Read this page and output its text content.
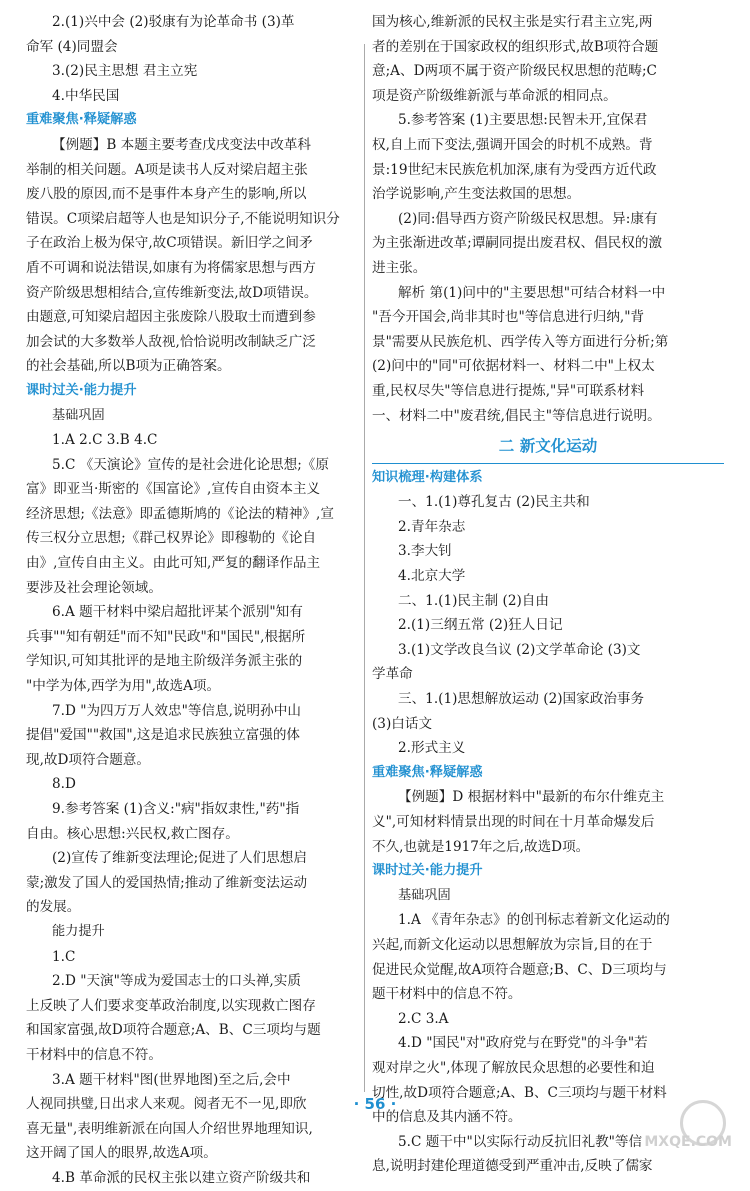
2.(1)兴中会 (2)驳康有为论革命书 (3)革

命军 (4)同盟会

3.(2)民主思想 君主立宪

4.中华民国

重难聚焦·释疑解惑

【例题】B 本题主要考查戊戌变法中改革科

举制的相关问题。A项是读书人反对梁启超主张

废八股的原因,而不是事件本身产生的影响,所以

错误。C项梁启超等人也是知识分子,不能说明知识分

子在政治上极为保守,故C项错误。新旧学之间矛

盾不可调和说法错误,如康有为将儒家思想与西方

资产阶级思想相结合,宣传维新变法,故D项错误。

由题意,可知梁启超因主张废除八股取士而遭到参

加会试的大多数举人敌视,恰恰说明改制缺乏广泛

的社会基础,所以B项为正确答案。

课时过关·能力提升

基础巩固

1.A 2.C 3.B 4.C

5.C 《天演论》宣传的是社会进化论思想;《原

富》即亚当·斯密的《国富论》,宣传自由资本主义

经济思想;《法意》即孟德斯鸠的《论法的精神》,宣

传三权分立思想;《群己权界论》即穆勒的《论自

由》,宣传自由主义。由此可知,严复的翻译作品主

要涉及社会理论领域。

6.A 题干材料中梁启超批评某个派别"知有

兵事""知有朝廷"而不知"民政"和"国民",根据所

学知识,可知其批评的是地主阶级洋务派主张的

"中学为体,西学为用",故选A项。

7.D "为四万万人效忠"等信息,说明孙中山

提倡"爱国""救国",这是追求民族独立富强的体

现,故D项符合题意。

8.D

9.参考答案 (1)含义:"病"指奴隶性,"药"指

自由。核心思想:兴民权,救亡图存。

(2)宣传了维新变法理论;促进了人们思想启

蒙;激发了国人的爱国热情;推动了维新变法运动

的发展。

能力提升

1.C

2.D "天演"等成为爱国志士的口头禅,实质

上反映了人们要求变革政治制度,以实现救亡图存

和国家富强,故D项符合题意;A、B、C三项均与题

干材料中的信息不符。

3.A 题干材料"图(世界地图)至之后,会中

人视同拱璧,日出求人来观。阅者无不一见,即欣

喜无量",表明维新派在向国人介绍世界地理知识,

这开阔了国人的眼界,故选A项。

4.B 革命派的民权主张以建立资产阶级共和

国为核心,维新派的民权主张是实行君主立宪,两

者的差别在于国家政权的组织形式,故B项符合题

意;A、D两项不属于资产阶级民权思想的范畴;C

项是资产阶级维新派与革命派的相同点。

5.参考答案 (1)主要思想:民智未开,宜保君

权,自上而下变法,强调开国会的时机不成熟。背

景:19世纪末民族危机加深,康有为受西方近代政

治学说影响,产生变法救国的思想。

(2)同:倡导西方资产阶级民权思想。异:康有

为主张渐进改革;谭嗣同提出废君权、倡民权的激

进主张。

解析 第(1)问中的"主要思想"可结合材料一中

"吾今开国会,尚非其时也"等信息进行归纳,"背

景"需要从民族危机、西学传入等方面进行分析;第

(2)问中的"同"可依据材料一、材料二中"上权太

重,民权尽失"等信息进行提炼,"异"可联系材料

一、材料二中"废君统,倡民主"等信息进行说明。

二 新文化运动

知识梳理·构建体系

一、1.(1)尊孔复古 (2)民主共和

2.青年杂志

3.李大钊

4.北京大学

二、1.(1)民主制 (2)自由

2.(1)三纲五常 (2)狂人日记

3.(1)文学改良刍议 (2)文学革命论 (3)文

学革命

三、1.(1)思想解放运动 (2)国家政治事务

(3)白话文

2.形式主义

重难聚焦·释疑解惑

【例题】D 根据材料中"最新的布尔什维克主

义",可知材料情景出现的时间在十月革命爆发后

不久,也就是1917年之后,故选D项。

课时过关·能力提升

基础巩固

1.A 《青年杂志》的创刊标志着新文化运动的

兴起,而新文化运动以思想解放为宗旨,目的在于

促进民众觉醒,故A项符合题意;B、C、D三项均与

题干材料中的信息不符。

2.C 3.A

4.D "国民"对"政府党与在野党"的斗争"若

观对岸之火",体现了解放民众思想的必要性和迫

切性,故D项符合题意;A、B、C三项均与题干材料

中的信息及其内涵不符。

5.C 题干中"以实际行动反抗旧礼教"等信

息,说明封建伦理道德受到严重冲击,反映了儒家

· 56 ·
MXQE.COM
